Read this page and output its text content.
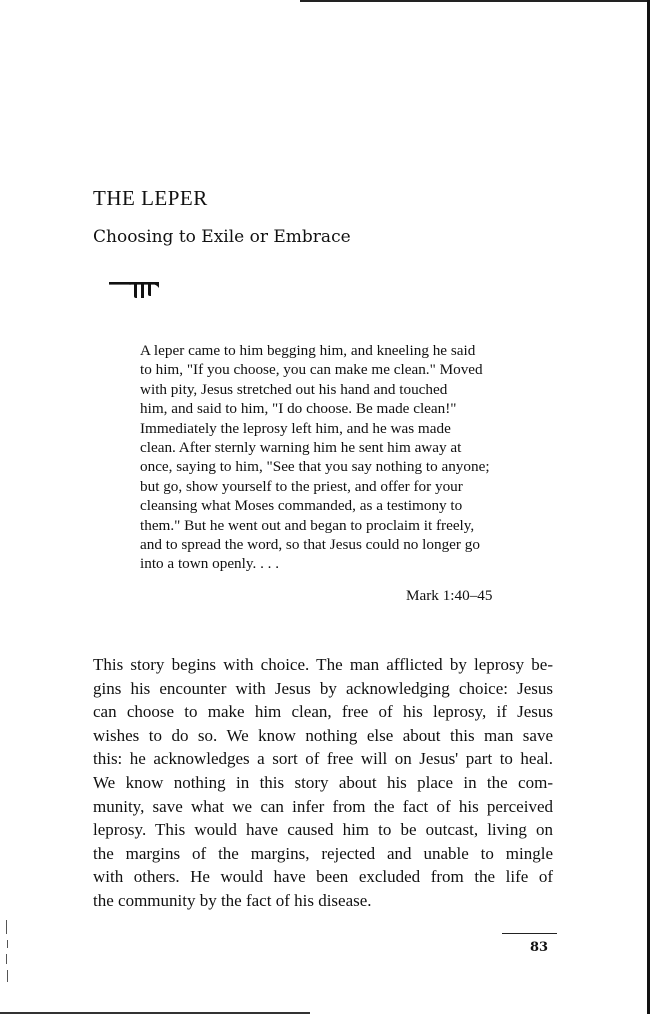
THE LEPER
Choosing to Exile or Embrace
A leper came to him begging him, and kneeling he said
to him, "If you choose, you can make me clean." Moved
with pity, Jesus stretched out his hand and touched
him, and said to him, "I do choose. Be made clean!"
Immediately the leprosy left him, and he was made
clean. After sternly warning him he sent him away at
once, saying to him, "See that you say nothing to anyone;
but go, show yourself to the priest, and offer for your
cleansing what Moses commanded, as a testimony to
them." But he went out and began to proclaim it freely,
and to spread the word, so that Jesus could no longer go
into a town openly. . . .
Mark 1:40–45
This story begins with choice. The man afflicted by leprosy be-
gins his encounter with Jesus by acknowledging choice: Jesus
can choose to make him clean, free of his leprosy, if Jesus
wishes to do so. We know nothing else about this man save
this: he acknowledges a sort of free will on Jesus' part to heal.
We know nothing in this story about his place in the com-
munity, save what we can infer from the fact of his perceived
leprosy. This would have caused him to be outcast, living on
the margins of the margins, rejected and unable to mingle
with others. He would have been excluded from the life of
the community by the fact of his disease.
83
